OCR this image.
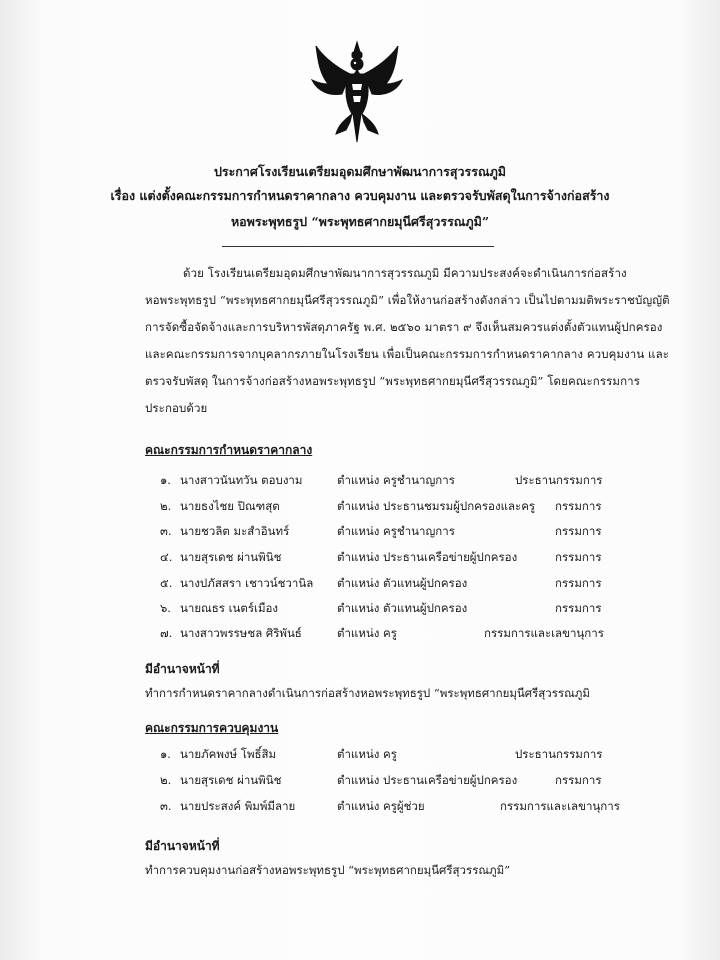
ประกาศโรงเรียนเตรียมอุดมศึกษาพัฒนาการสุวรรณภูมิ
เรื่อง แต่งตั้งคณะกรรมการกำหนดราคากลาง ควบคุมงาน และตรวจรับพัสดุในการจ้างก่อสร้าง
หอพระพุทธรูป “พระพุทธศากยมุนีศรีสุวรรณภูมิ”
ด้วย โรงเรียนเตรียมอุดมศึกษาพัฒนาการสุวรรณภูมิ มีความประสงค์จะดำเนินการก่อสร้าง
หอพระพุทธรูป “พระพุทธศากยมุนีศรีสุวรรณภูมิ” เพื่อให้งานก่อสร้างดังกล่าว เป็นไปตามมติพระราชบัญญัติ
การจัดซื้อจัดจ้างและการบริหารพัสดุภาครัฐ พ.ศ. ๒๕๖๐ มาตรา ๙ จึงเห็นสมควรแต่งตั้งตัวแทนผู้ปกครอง
และคณะกรรมการจากบุคลากรภายในโรงเรียน เพื่อเป็นคณะกรรมการกำหนดราคากลาง ควบคุมงาน และ
ตรวจรับพัสดุ ในการจ้างก่อสร้างหอพระพุทธรูป “พระพุทธศากยมุนีศรีสุวรรณภูมิ” โดยคณะกรรมการ
ประกอบด้วย
คณะกรรมการกำหนดราคากลาง
๑. นางสาวนันทวัน ตอบงาม	ตำแหน่ง ครูชำนาญการ	ประธานกรรมการ
๒. นายธงไชย ปิณฑสุต	ตำแหน่ง ประธานชมรมผู้ปกครองและครู กรรมการ
๓. นายชวลิต มะสำอินทร์	ตำแหน่ง ครูชำนาญการ	กรรมการ
๔. นายสุรเดช ผ่านพินิช	ตำแหน่ง ประธานเครือข่ายผู้ปกครอง	กรรมการ
๕. นางปภัสสรา เชาวน์ชวานิล ตำแหน่ง ตัวแทนผู้ปกครอง	กรรมการ
๖. นายณธร เนตร์เมือง	ตำแหน่ง ตัวแทนผู้ปกครอง	กรรมการ
๗. นางสาวพรรษชล ศิริพันธ์	ตำแหน่ง ครู	กรรมการและเลขานุการ
มีอำนาจหน้าที่
ทำการกำหนดราคากลางดำเนินการก่อสร้างหอพระพุทธรูป “พระพุทธศากยมุนีศรีสุวรรณภูมิ
คณะกรรมการควบคุมงาน
๑. นายภัคพงษ์ โพธิ์สิม	ตำแหน่ง ครู	ประธานกรรมการ
๒. นายสุรเดช ผ่านพินิช	ตำแหน่ง ประธานเครือข่ายผู้ปกครอง	กรรมการ
๓. นายประสงค์ พิมพ์มีลาย	ตำแหน่ง ครูผู้ช่วย	กรรมการและเลขานุการ
มีอำนาจหน้าที่
ทำการควบคุมงานก่อสร้างหอพระพุทธรูป “พระพุทธศากยมุนีศรีสุวรรณภูมิ”
